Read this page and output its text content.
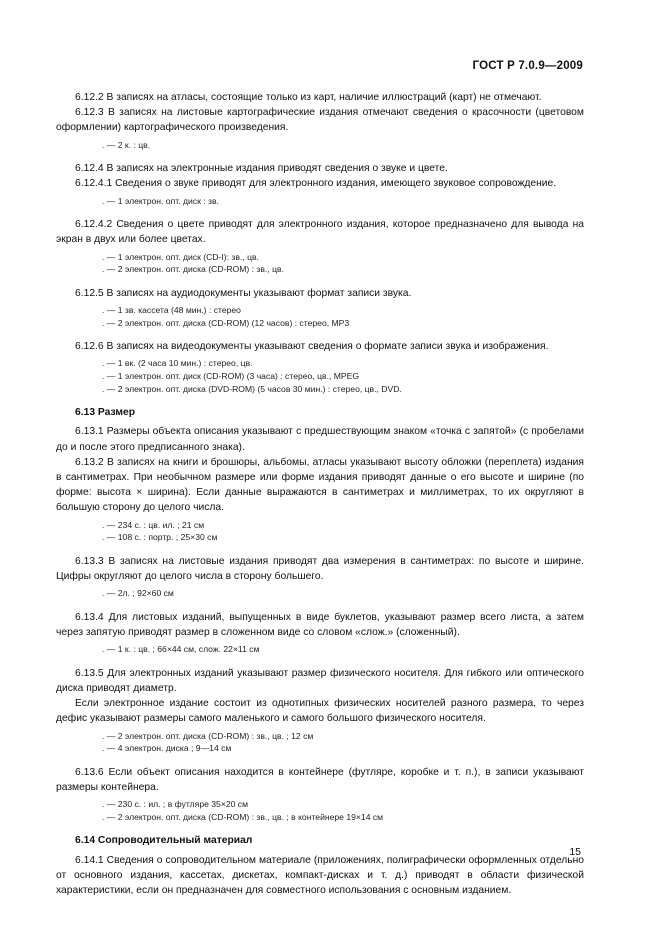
ГОСТ Р 7.0.9—2009

6.12.2 В записях на атласы, состоящие только из карт, наличие иллюстраций (карт) не отмечают.

6.12.3 В записях на листовые картографические издания отмечают сведения о красочности (цветовом оформлении) картографического произведения.

. — 2 к. : цв.

6.12.4 В записях на электронные издания приводят сведения о звуке и цвете.

6.12.4.1 Сведения о звуке приводят для электронного издания, имеющего звуковое сопровождение.

. — 1 электрон. опт. диск : зв.

6.12.4.2 Сведения о цвете приводят для электронного издания, которое предназначено для вывода на экран в двух или более цветах.

. — 1 электрон. опт. диск (CD-I): зв., цв.

. — 2 электрон. опт. диска (CD-ROM) : зв., цв.

6.12.5 В записях на аудиодокументы указывают формат записи звука.

. — 1 зв. кассета (48 мин.) : стерео

. — 2 электрон. опт. диска (CD-ROM) (12 часов) : стерео, MP3

6.12.6 В записях на видеодокументы указывают сведения о формате записи звука и изображения.

. — 1 вк. (2 часа 10 мин.) : стерео, цв.

. — 1 электрон. опт. диск (CD-ROM) (3 часа) : стерео, цв., MPEG

. — 2 электрон. опт. диска (DVD-ROM) (5 часов 30 мин.) : стерео, цв., DVD.

6.13 Размер

6.13.1 Размеры объекта описания указывают с предшествующим знаком «точка с запятой» (с пробелами до и после этого предписанного знака).

6.13.2 В записях на книги и брошюры, альбомы, атласы указывают высоту обложки (переплета) издания в сантиметрах. При необычном размере или форме издания приводят данные о его высоте и ширине (по форме: высота × ширина). Если данные выражаются в сантиметрах и миллиметрах, то их округляют в большую сторону до целого числа.

. — 234 с. : цв. ил. ; 21 см

. — 108 с. : портр. ; 25×30 см

6.13.3 В записях на листовые издания приводят два измерения в сантиметрах: по высоте и ширине. Цифры округляют до целого числа в сторону большего.

. — 2л. ; 92×60 см

6.13.4 Для листовых изданий, выпущенных в виде буклетов, указывают размер всего листа, а затем через запятую приводят размер в сложенном виде со словом «слож.» (сложенный).

. — 1 к. : цв. ; 66×44 см, слож. 22×11 см

6.13.5 Для электронных изданий указывают размер физического носителя. Для гибкого или оптического диска приводят диаметр.

Если электронное издание состоит из однотипных физических носителей разного размера, то через дефис указывают размеры самого маленького и самого большого физического носителя.

. — 2 электрон. опт. диска (CD-ROM) : зв., цв. ; 12 см

. — 4 электрон. диска ; 9—14 см

6.13.6 Если объект описания находится в контейнере (футляре, коробке и т. п.), в записи указывают размеры контейнера.

. — 230 с. : ил. ; в футляре 35×20 см

. — 2 электрон. опт. диска (CD-ROM) : зв., цв. ; в контейнере 19×14 см

6.14 Сопроводительный материал

6.14.1 Сведения о сопроводительном материале (приложениях, полиграфически оформленных отдельно от основного издания, кассетах, дискетах, компакт-дисках и т. д.) приводят в области физической характеристики, если он предназначен для совместного использования с основным изданием.

15
